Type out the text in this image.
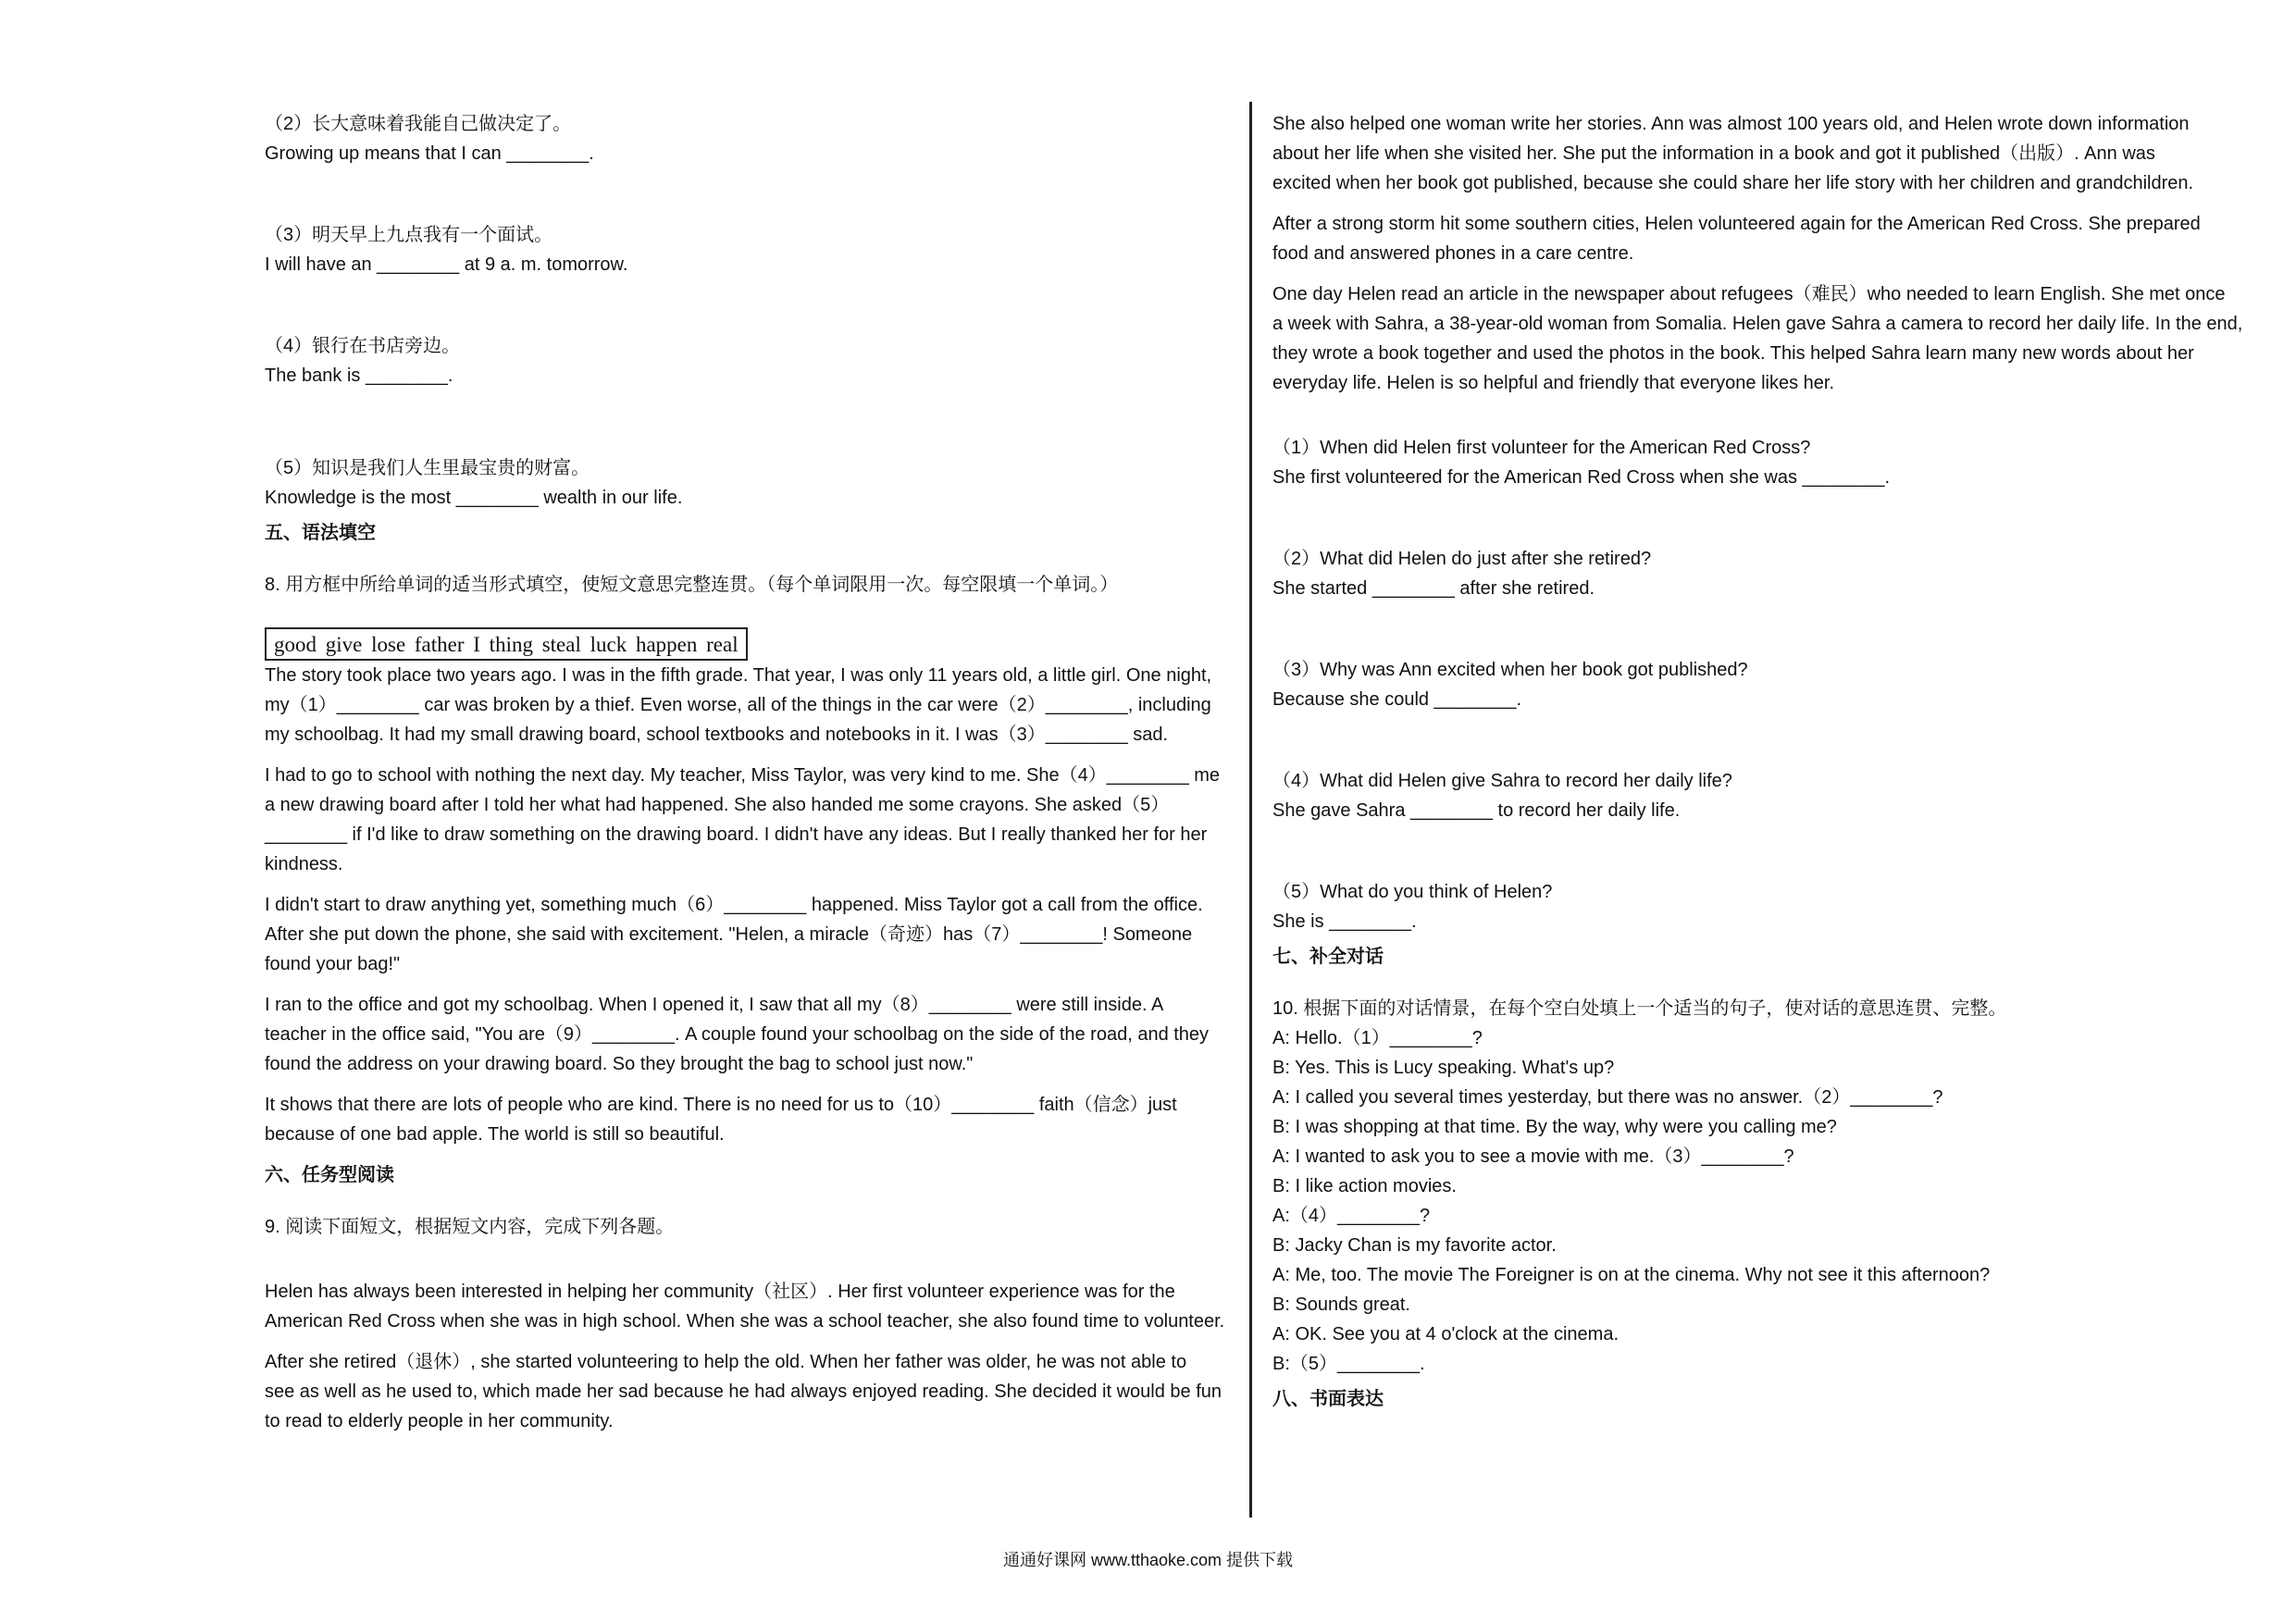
（2）长大意味着我能自己做决定了。

Growing up means that I can ________.

（3）明天早上九点我有一个面试。

I will have an ________ at 9 a. m. tomorrow.

（4）银行在书店旁边。

The bank is ________.

（5）知识是我们人生里最宝贵的财富。

Knowledge is the most ________ wealth in our life.

五、语法填空

8. 用方框中所给单词的适当形式填空，使短文意思完整连贯。（每个单词限用一次。每空限填一个单词。）

good give lose father I thing steal luck happen real

The story took place two years ago. I was in the fifth grade. That year, I was only 11 years old, a little girl. One night,

my（1）________ car was broken by a thief. Even worse, all of the things in the car were（2）________, including

my schoolbag. It had my small drawing board, school textbooks and notebooks in it. I was（3）________ sad.

I had to go to school with nothing the next day. My teacher, Miss Taylor, was very kind to me. She（4）________ me

a new drawing board after I told her what had happened. She also handed me some crayons. She asked（5）

________ if I'd like to draw something on the drawing board. I didn't have any ideas. But I really thanked her for her

kindness.

I didn't start to draw anything yet, something much（6）________ happened. Miss Taylor got a call from the office.

After she put down the phone, she said with excitement. "Helen, a miracle（奇迹）has（7）________! Someone

found your bag!"

I ran to the office and got my schoolbag. When I opened it, I saw that all my（8）________ were still inside. A

teacher in the office said, "You are（9）________. A couple found your schoolbag on the side of the road, and they

found the address on your drawing board. So they brought the bag to school just now."

It shows that there are lots of people who are kind. There is no need for us to（10）________ faith（信念）just

because of one bad apple. The world is still so beautiful.

六、任务型阅读

9. 阅读下面短文，根据短文内容，完成下列各题。

Helen has always been interested in helping her community（社区）. Her first volunteer experience was for the

American Red Cross when she was in high school. When she was a school teacher, she also found time to volunteer.

After she retired（退休）, she started volunteering to help the old. When her father was older, he was not able to

see as well as he used to, which made her sad because he had always enjoyed reading. She decided it would be fun

to read to elderly people in her community.

She also helped one woman write her stories. Ann was almost 100 years old, and Helen wrote down information

about her life when she visited her. She put the information in a book and got it published（出版）. Ann was

excited when her book got published, because she could share her life story with her children and grandchildren.

After a strong storm hit some southern cities, Helen volunteered again for the American Red Cross. She prepared

food and answered phones in a care centre.

One day Helen read an article in the newspaper about refugees（难民）who needed to learn English. She met once

a week with Sahra, a 38-year-old woman from Somalia. Helen gave Sahra a camera to record her daily life. In the end,

they wrote a book together and used the photos in the book. This helped Sahra learn many new words about her

everyday life. Helen is so helpful and friendly that everyone likes her.

（1）When did Helen first volunteer for the American Red Cross?

She first volunteered for the American Red Cross when she was ________.

（2）What did Helen do just after she retired?

She started ________ after she retired.

（3）Why was Ann excited when her book got published?

Because she could ________.

（4）What did Helen give Sahra to record her daily life?

She gave Sahra ________ to record her daily life.

（5）What do you think of Helen?

She is ________.

七、补全对话

10. 根据下面的对话情景，在每个空白处填上一个适当的句子，使对话的意思连贯、完整。

A: Hello.（1）________?

B: Yes. This is Lucy speaking. What's up?

A: I called you several times yesterday, but there was no answer.（2）________?

B: I was shopping at that time. By the way, why were you calling me?

A: I wanted to ask you to see a movie with me.（3）________?

B: I like action movies.

A:（4）________?

B: Jacky Chan is my favorite actor.

A: Me, too. The movie The Foreigner is on at the cinema. Why not see it this afternoon?

B: Sounds great.

A: OK. See you at 4 o'clock at the cinema.

B:（5）________.

八、书面表达

通通好课网 www.tthaoke.com 提供下载
